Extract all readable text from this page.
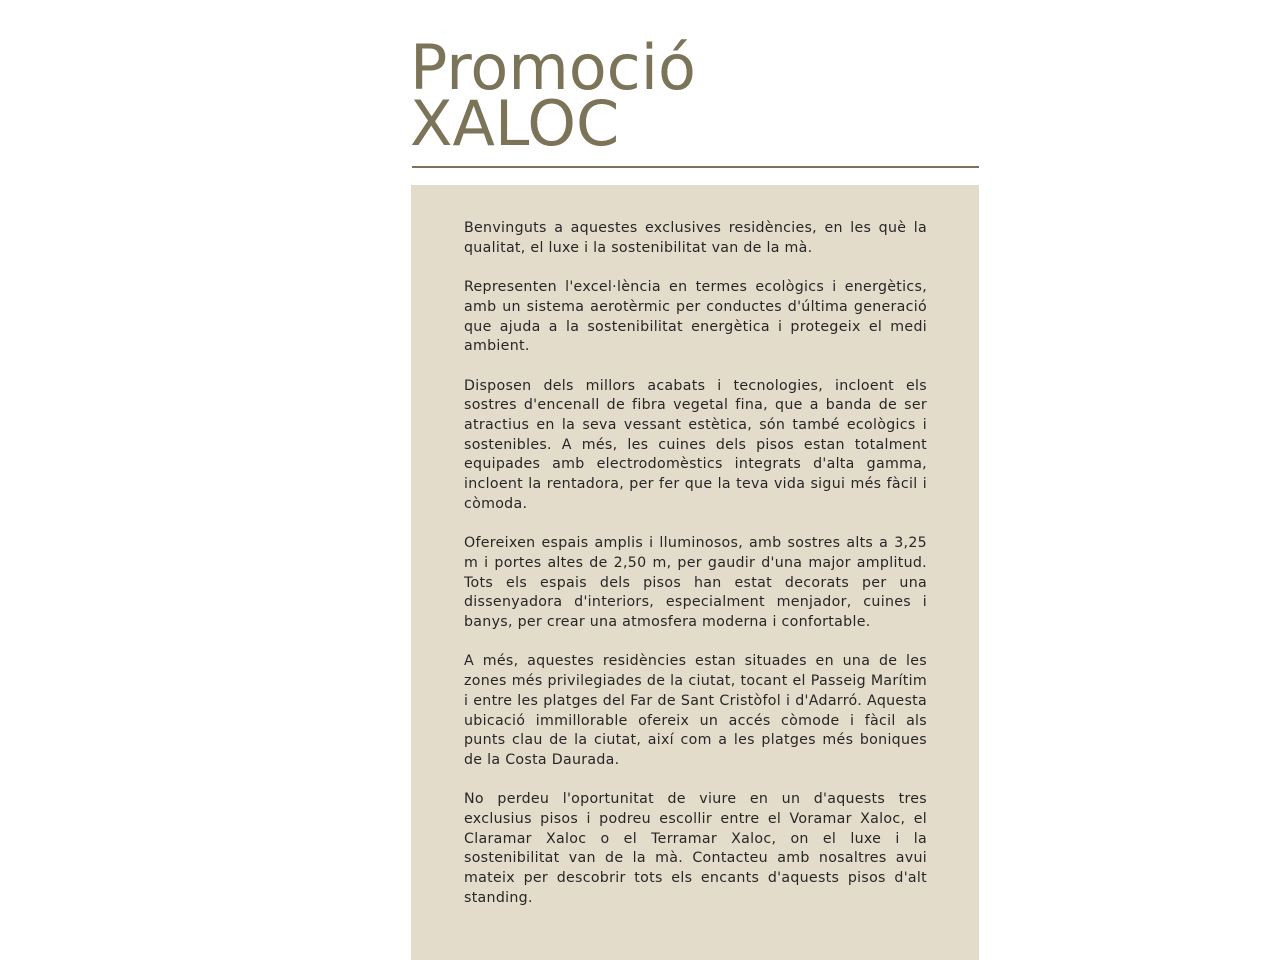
Promoció
XALOC

Benvinguts a aquestes exclusives residències, en les què la qualitat, el luxe i la sostenibilitat van de la mà.

Representen l'excel·lència en termes ecològics i energètics, amb un sistema aerotèrmic per conductes d'última generació que ajuda a la sostenibilitat energètica i protegeix el medi ambient.

Disposen dels millors acabats i tecnologies, incloent els sostres d'encenall de fibra vegetal fina, que a banda de ser atractius en la seva vessant estètica, són també ecològics i sostenibles. A més, les cuines dels pisos estan totalment equipades amb electrodomèstics integrats d'alta gamma, incloent la rentadora, per fer que la teva vida sigui més fàcil i còmoda.

Ofereixen espais amplis i lluminosos, amb sostres alts a 3,25 m i portes altes de 2,50 m, per gaudir d'una major amplitud. Tots els espais dels pisos han estat decorats per una dissenyadora d'interiors, especialment menjador, cuines i banys, per crear una atmosfera moderna i confortable.

A més, aquestes residències estan situades en una de les zones més privilegiades de la ciutat, tocant el Passeig Marítim i entre les platges del Far de Sant Cristòfol i d'Adarró. Aquesta ubicació immillorable ofereix un accés còmode i fàcil als punts clau de la ciutat, així com a les platges més boniques de la Costa Daurada.

No perdeu l'oportunitat de viure en un d'aquests tres exclusius pisos i podreu escollir entre el Voramar Xaloc, el Claramar Xaloc o el Terramar Xaloc, on el luxe i la sostenibilitat van de la mà. Contacteu amb nosaltres avui mateix per descobrir tots els encants d'aquests pisos d'alt standing.
